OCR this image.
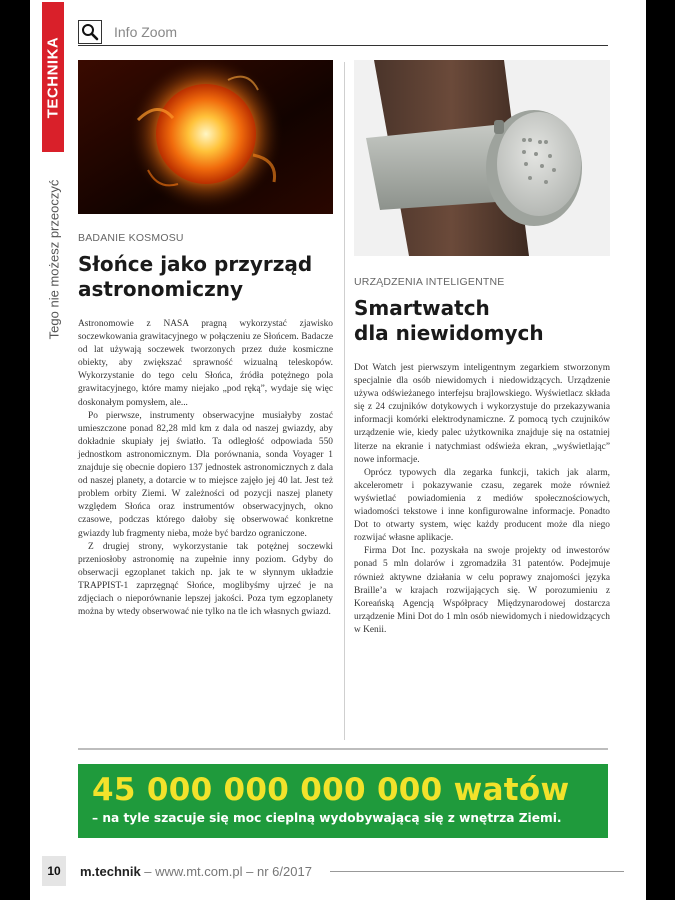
TECHNIKA
Tego nie możesz przeoczyć
Info Zoom
BADANIE KOSMOSU
Słońce jako przyrząd
astronomiczny

Astronomowie z NASA pragną wykorzystać zjawisko soczewkowania grawitacyjnego w połączeniu ze Słońcem. Badacze od lat używają soczewek tworzonych przez duże kosmiczne obiekty, aby zwiększać sprawność wizualną teleskopów. Wykorzystanie do tego celu Słońca, źródła potężnego pola grawitacyjnego, które mamy niejako „pod ręką”, wydaje się więc doskonałym pomysłem, ale...

Po pierwsze, instrumenty obserwacyjne musiałyby zostać umieszczone ponad 82,28 mld km z dala od naszej gwiazdy, aby dokładnie skupiały jej światło. Ta odległość odpowiada 550 jednostkom astronomicznym. Dla porównania, sonda Voyager 1 znajduje się obecnie dopiero 137 jednostek astronomicznych z dala od naszej planety, a dotarcie w to miejsce zajęło jej 40 lat. Jest też problem orbity Ziemi. W zależności od pozycji naszej planety względem Słońca oraz instrumentów obserwacyjnych, okno czasowe, podczas którego dałoby się obserwować konkretne gwiazdy lub fragmenty nieba, może być bardzo ograniczone.

Z drugiej strony, wykorzystanie tak potężnej soczewki przeniosłoby astronomię na zupełnie inny poziom. Gdyby do obserwacji egzoplanet takich np. jak te w słynnym układzie TRAPPIST-1 zaprzęgnąć Słońce, moglibyśmy ujrzeć je na zdjęciach o nieporównanie lepszej jakości. Poza tym egzoplanety można by wtedy obserwować nie tylko na tle ich własnych gwiazd.

URZĄDZENIA INTELIGENTNE
Smartwatch
dla niewidomych

Dot Watch jest pierwszym inteligentnym zegarkiem stworzonym specjalnie dla osób niewidomych i niedowidzących. Urządzenie używa odświeżanego interfejsu brajlowskiego. Wyświetlacz składa się z 24 czujników dotykowych i wykorzystuje do przekazywania informacji komórki elektrodynamiczne. Z pomocą tych czujników urządzenie wie, kiedy palec użytkownika znajduje się na ostatniej literze na ekranie i natychmiast odświeża ekran, „wyświetlając” nowe informacje.

Oprócz typowych dla zegarka funkcji, takich jak alarm, akcelerometr i pokazywanie czasu, zegarek może również wyświetlać powiadomienia z mediów społecznościowych, wiadomości tekstowe i inne konfigurowalne informacje. Ponadto Dot to otwarty system, więc każdy producent może dla niego rozwijać własne aplikacje.

Firma Dot Inc. pozyskała na swoje projekty od inwestorów ponad 5 mln dolarów i zgromadziła 31 patentów. Podejmuje również aktywne działania w celu poprawy znajomości języka Braille’a w krajach rozwijających się. W porozumieniu z Koreańską Agencją Współpracy Międzynarodowej dostarcza urządzenie Mini Dot do 1 mln osób niewidomych i niedowidzących w Kenii.

45 000 000 000 000 watów
– na tyle szacuje się moc cieplną wydobywającą się z wnętrza Ziemi.
10	m.technik – www.mt.com.pl – nr 6/2017
